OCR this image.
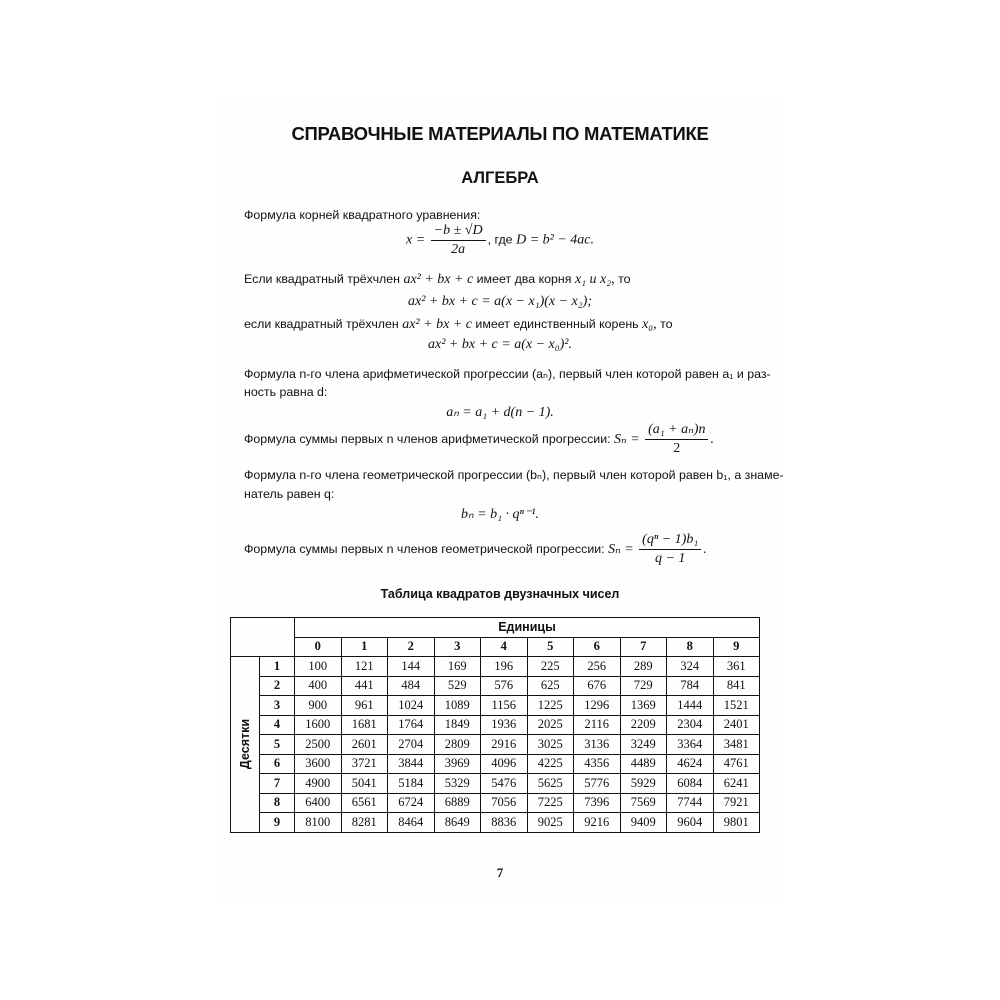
СПРАВОЧНЫЕ МАТЕРИАЛЫ ПО МАТЕМАТИКЕ
АЛГЕБРА
Формула корней квадратного уравнения:
$x = \frac{-b \pm √D}{2a}$ , где D = b² − 4ac.
Если квадратный трёхчлен ax² + bx + c имеет два корня x₁ и x₂, то
ax² + bx + c = a(x − x₁)(x − x₂);
если квадратный трёхчлен ax² + bx + c имеет единственный корень x₀, то
ax² + bx + c = a(x − x₀)².
Формула n-го члена арифметической прогрессии (aₙ), первый член которой равен a₁ и раз-
ность равна d:
aₙ = a₁ + d(n − 1).
Формула суммы первых n членов арифметической прогрессии: $S_n = \frac{\text{(a₁ + aₙ)n}}{2}$ .
Формула n-го члена геометрической прогрессии (bₙ), первый член которой равен b₁, а знаме-
натель равен q:
bₙ = b₁ · qⁿ⁻¹.
Формула суммы первых n членов геометрической прогрессии: $S_n = \frac{\text{(qⁿ − 1)b₁}}{q - 1}$ .
Таблица квадратов двузначных чисел
		Единицы									
		0	1	2	3	4	5	6	7	8	9

Десятки	1	100	121	144	169	196	225	256	289	324	361
	2	400	441	484	529	576	625	676	729	784	841
	3	900	961	1024	1089	1156	1225	1296	1369	1444	1521
	4	1600	1681	1764	1849	1936	2025	2116	2209	2304	2401
	5	2500	2601	2704	2809	2916	3025	3136	3249	3364	3481
	6	3600	3721	3844	3969	4096	4225	4356	4489	4624	4761
	7	4900	5041	5184	5329	5476	5625	5776	5929	6084	6241
	8	6400	6561	6724	6889	7056	7225	7396	7569	7744	7921
	9	8100	8281	8464	8649	8836	9025	9216	9409	9604	9801
7
